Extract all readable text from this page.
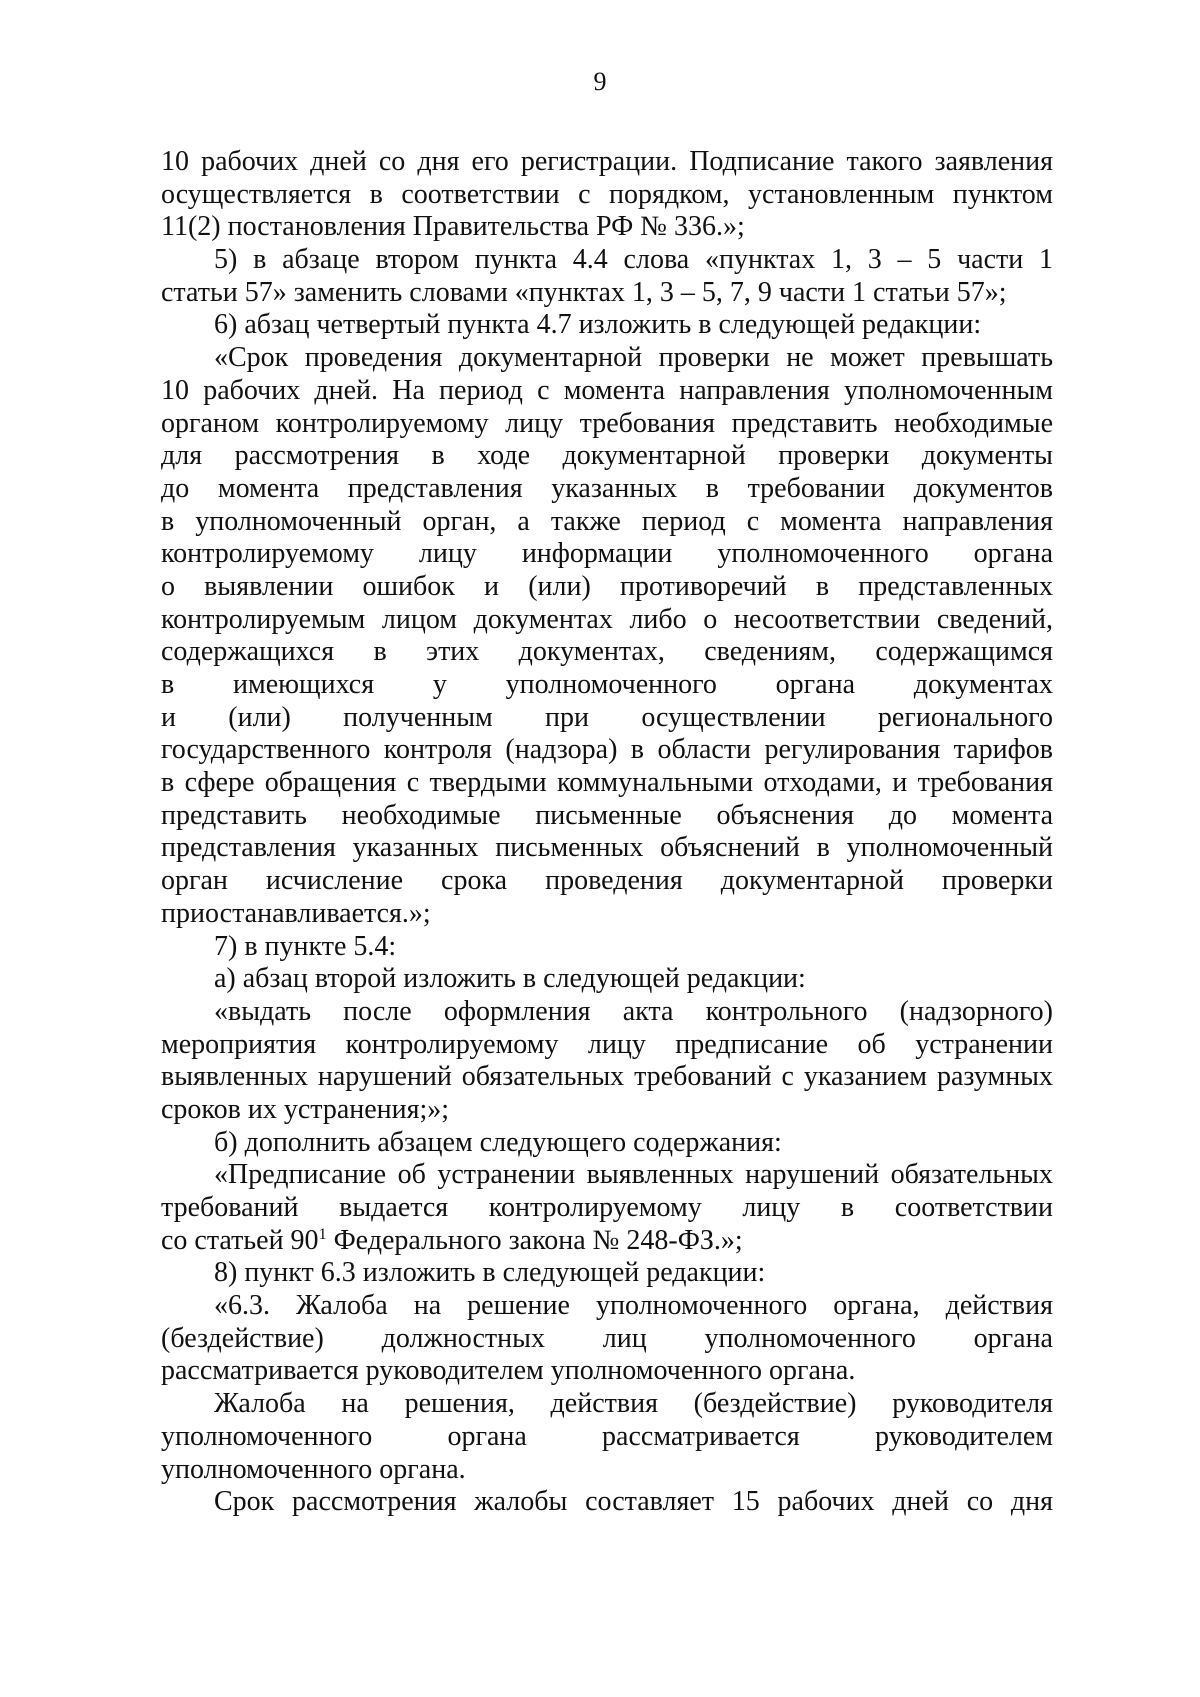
9
10 рабочих дней со дня его регистрации. Подписание такого заявления
осуществляется в соответствии с порядком, установленным пунктом
11(2) постановления Правительства РФ № 336.»;
5) в абзаце втором пункта 4.4 слова «пунктах 1, 3 – 5 части 1
статьи 57» заменить словами «пунктах 1, 3 – 5, 7, 9 части 1 статьи 57»;
6) абзац четвертый пункта 4.7 изложить в следующей редакции:
«Срок проведения документарной проверки не может превышать
10 рабочих дней. На период с момента направления уполномоченным
органом контролируемому лицу требования представить необходимые
для рассмотрения в ходе документарной проверки документы
до момента представления указанных в требовании документов
в уполномоченный орган, а также период с момента направления
контролируемому лицу информации уполномоченного органа
о выявлении ошибок и (или) противоречий в представленных
контролируемым лицом документах либо о несоответствии сведений,
содержащихся в этих документах, сведениям, содержащимся
в имеющихся у уполномоченного органа документах
и (или) полученным при осуществлении регионального
государственного контроля (надзора) в области регулирования тарифов
в сфере обращения с твердыми коммунальными отходами, и требования
представить необходимые письменные объяснения до момента
представления указанных письменных объяснений в уполномоченный
орган исчисление срока проведения документарной проверки
приостанавливается.»;
7) в пункте 5.4:
а) абзац второй изложить в следующей редакции:
«выдать после оформления акта контрольного (надзорного)
мероприятия контролируемому лицу предписание об устранении
выявленных нарушений обязательных требований с указанием разумных
сроков их устранения;»;
б) дополнить абзацем следующего содержания:
«Предписание об устранении выявленных нарушений обязательных
требований выдается контролируемому лицу в соответствии
со статьей $90^1$ Федерального закона № 248-ФЗ.»;
8) пункт 6.3 изложить в следующей редакции:
«6.3. Жалоба на решение уполномоченного органа, действия
(бездействие) должностных лиц уполномоченного органа
рассматривается руководителем уполномоченного органа.
Жалоба на решения, действия (бездействие) руководителя
уполномоченного органа рассматривается руководителем
уполномоченного органа.
Срок рассмотрения жалобы составляет 15 рабочих дней со дня
